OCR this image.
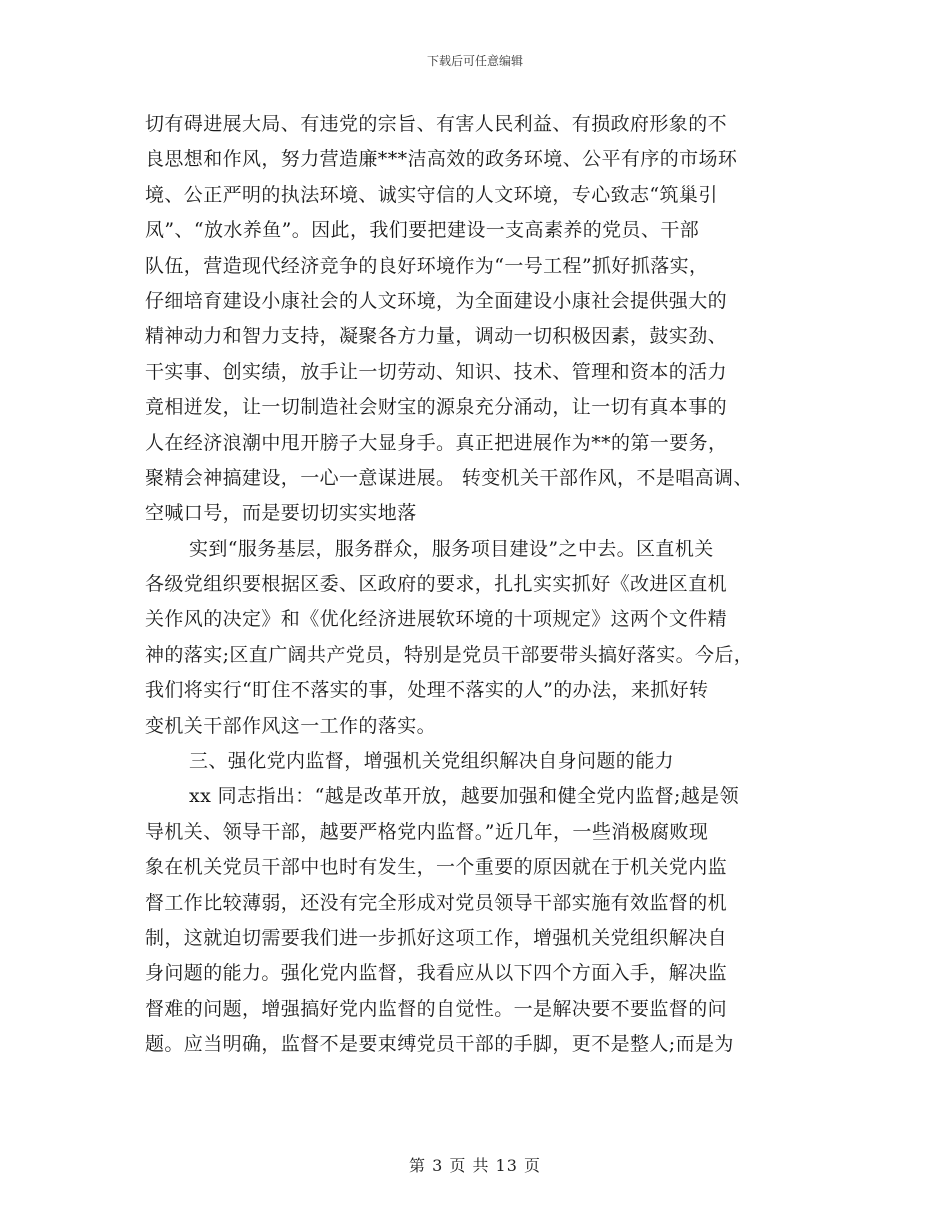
下载后可任意编辑
切有碍进展大局、有违党的宗旨、有害人民利益、有损政府形象的不
良思想和作风，努力营造廉***洁高效的政务环境、公平有序的市场环
境、公正严明的执法环境、诚实守信的人文环境，专心致志“筑巢引
凤”、“放水养鱼”。因此，我们要把建设一支高素养的党员、干部
队伍，营造现代经济竞争的良好环境作为“一号工程”抓好抓落实，
仔细培育建设小康社会的人文环境，为全面建设小康社会提供强大的
精神动力和智力支持，凝聚各方力量，调动一切积极因素，鼓实劲、
干实事、创实绩，放手让一切劳动、知识、技术、管理和资本的活力
竟相迸发，让一切制造社会财宝的源泉充分涌动，让一切有真本事的
人在经济浪潮中甩开膀子大显身手。真正把进展作为**的第一要务，
聚精会神搞建设，一心一意谋进展。 转变机关干部作风，不是唱高调、
空喊口号，而是要切切实实地落
实到“服务基层，服务群众，服务项目建设”之中去。区直机关
各级党组织要根据区委、区政府的要求，扎扎实实抓好《改进区直机
关作风的决定》和《优化经济进展软环境的十项规定》这两个文件精
神的落实;区直广阔共产党员，特别是党员干部要带头搞好落实。今后，
我们将实行“盯住不落实的事，处理不落实的人”的办法，来抓好转
变机关干部作风这一工作的落实。
三、强化党内监督，增强机关党组织解决自身问题的能力
xx 同志指出：“越是改革开放，越要加强和健全党内监督;越是领
导机关、领导干部，越要严格党内监督。”近几年，一些消极腐败现
象在机关党员干部中也时有发生，一个重要的原因就在于机关党内监
督工作比较薄弱，还没有完全形成对党员领导干部实施有效监督的机
制，这就迫切需要我们进一步抓好这项工作，增强机关党组织解决自
身问题的能力。强化党内监督，我看应从以下四个方面入手，解决监
督难的问题，增强搞好党内监督的自觉性。一是解决要不要监督的问
题。应当明确，监督不是要束缚党员干部的手脚，更不是整人;而是为
第 3 页 共 13 页
